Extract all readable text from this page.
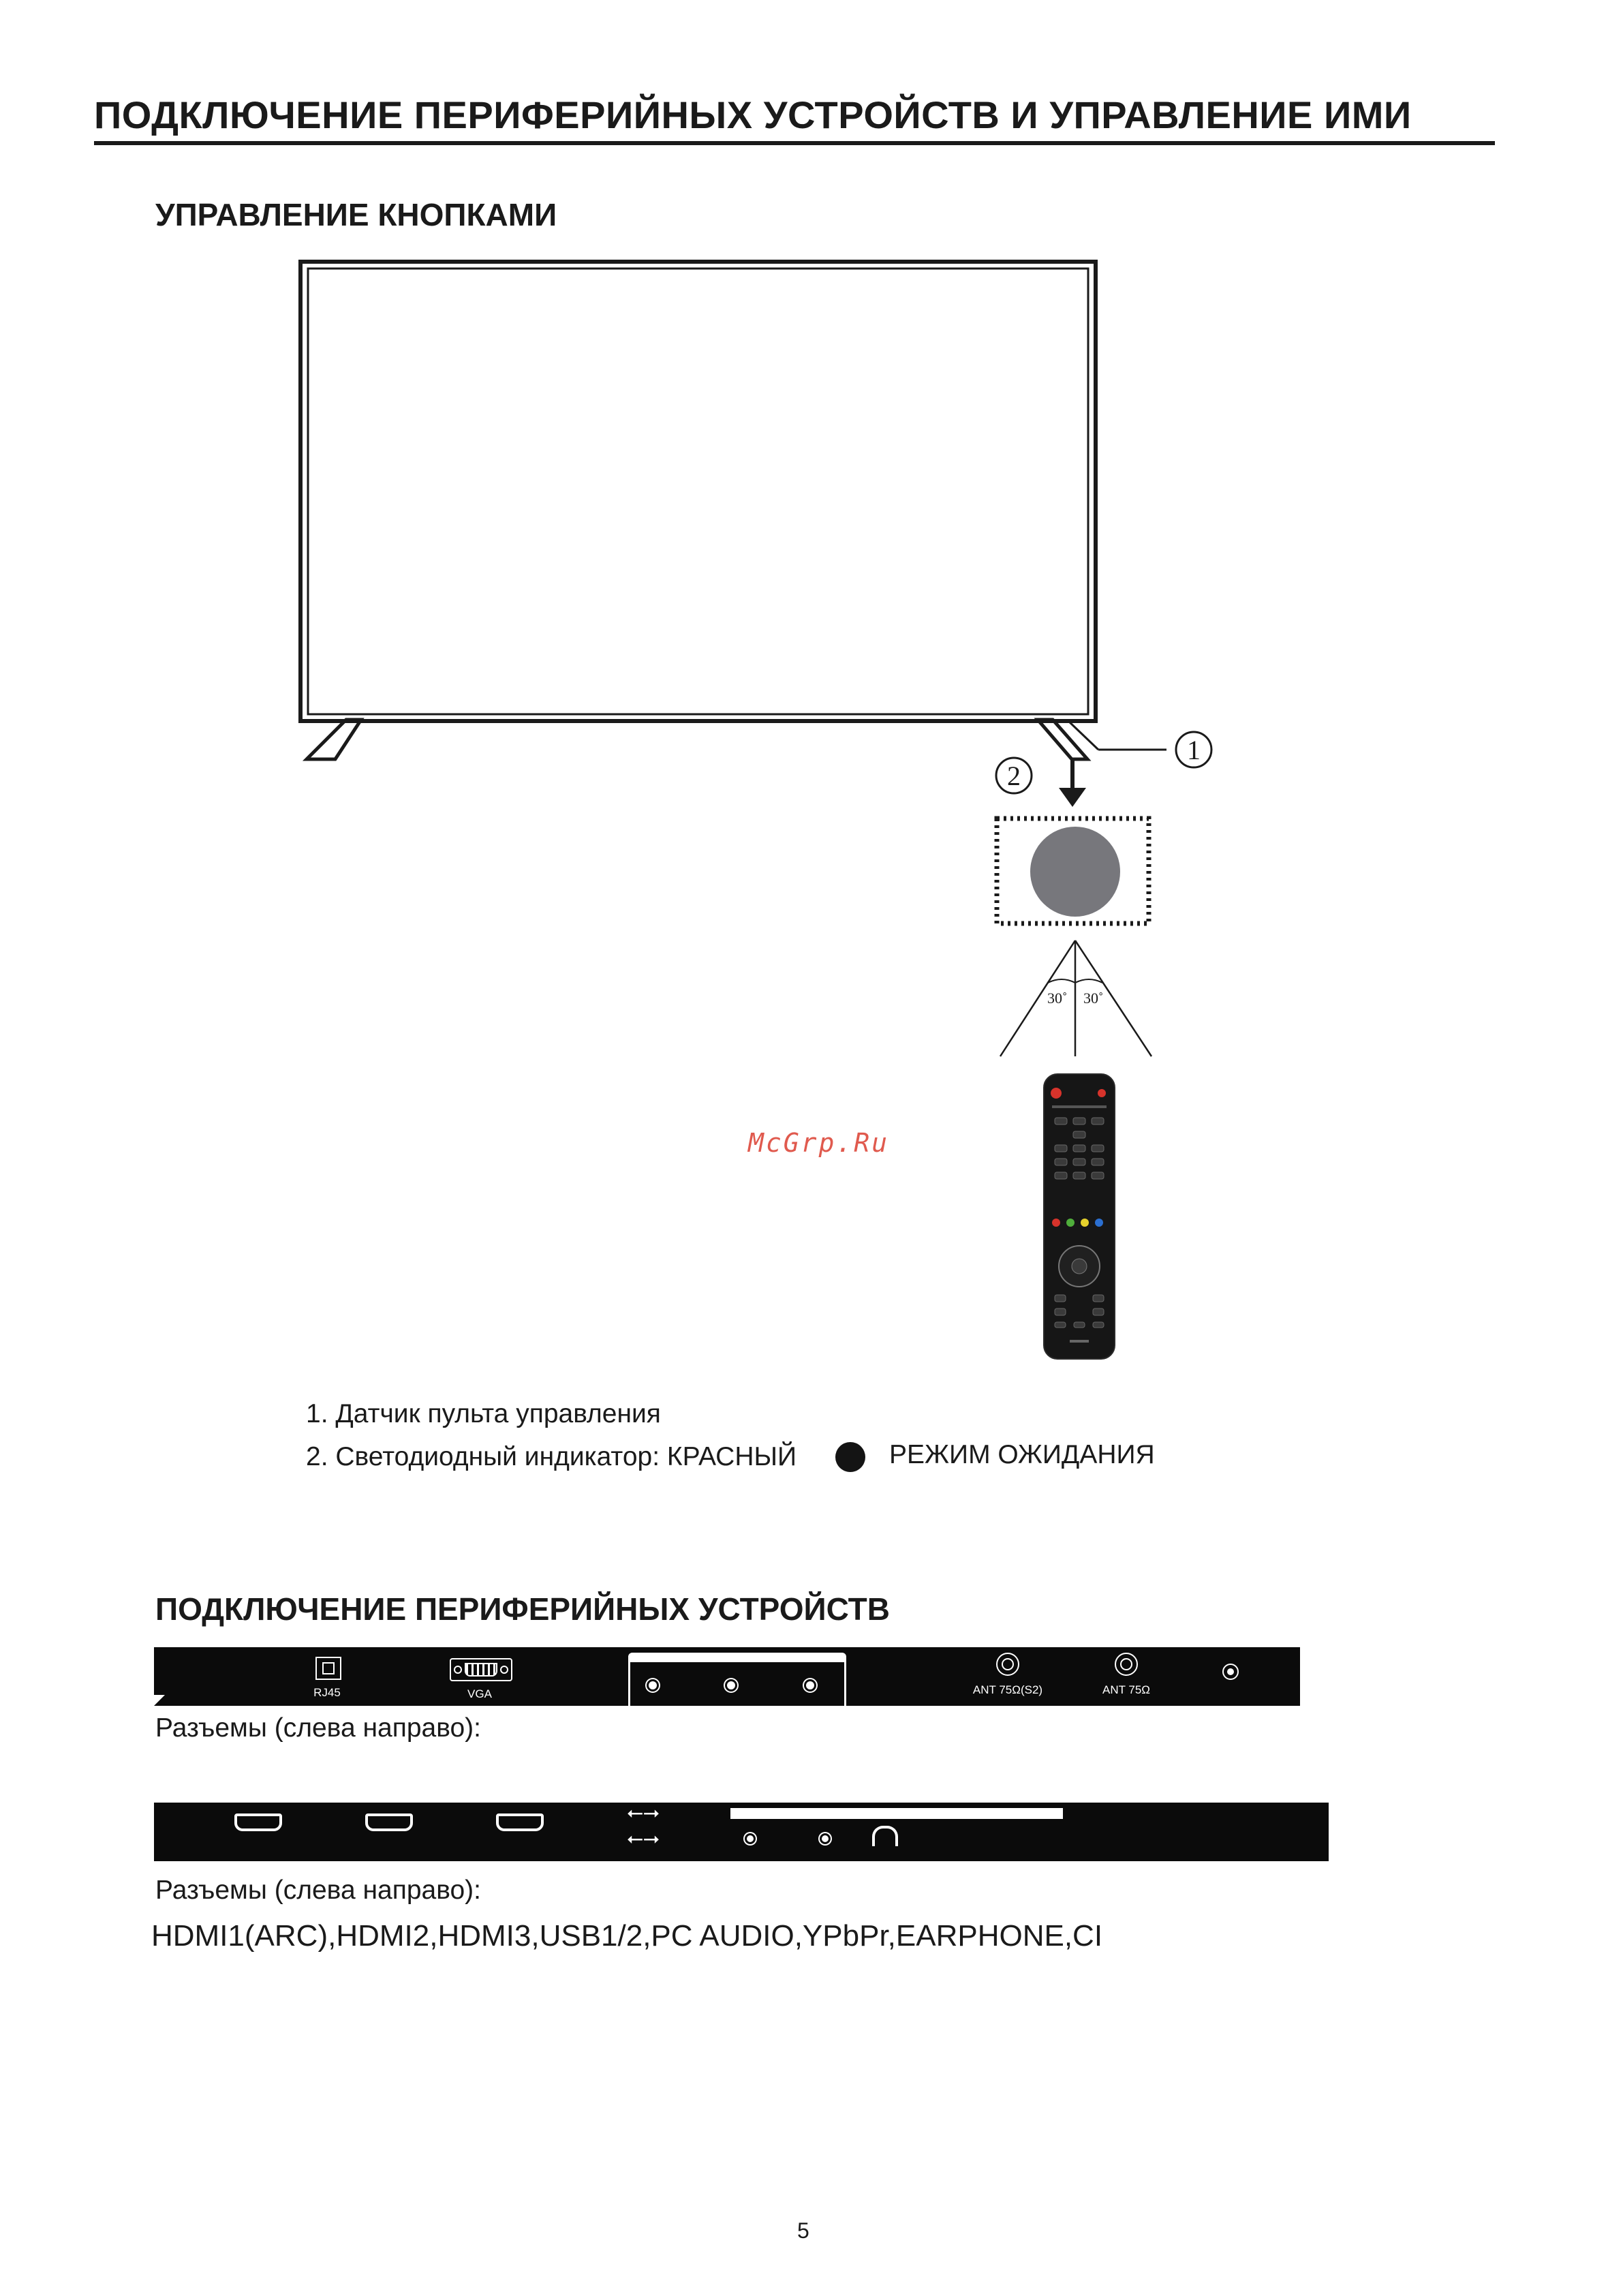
ПОДКЛЮЧЕНИЕ ПЕРИФЕРИЙНЫХ УСТРОЙСТВ И УПРАВЛЕНИЕ ИМИ
УПРАВЛЕНИЕ КНОПКАМИ
1
2
30˚ 30˚
McGrp.Ru
1. Датчик пульта управления
2. Светодиодный индикатор: КРАСНЫЙ	РЕЖИМ ОЖИДАНИЯ
ПОДКЛЮЧЕНИЕ ПЕРИФЕРИЙНЫХ УСТРОЙСТВ
RJ45	VGA	ANT 75Ω(S2)	ANT 75Ω
Разъемы (слева направо):
⭠⭢
⭠⭢
Разъемы (слева направо):
HDMI1(ARC),HDMI2,HDMI3,USB1/2,PC AUDIO,YPbPr,EARPHONE,CI
5
